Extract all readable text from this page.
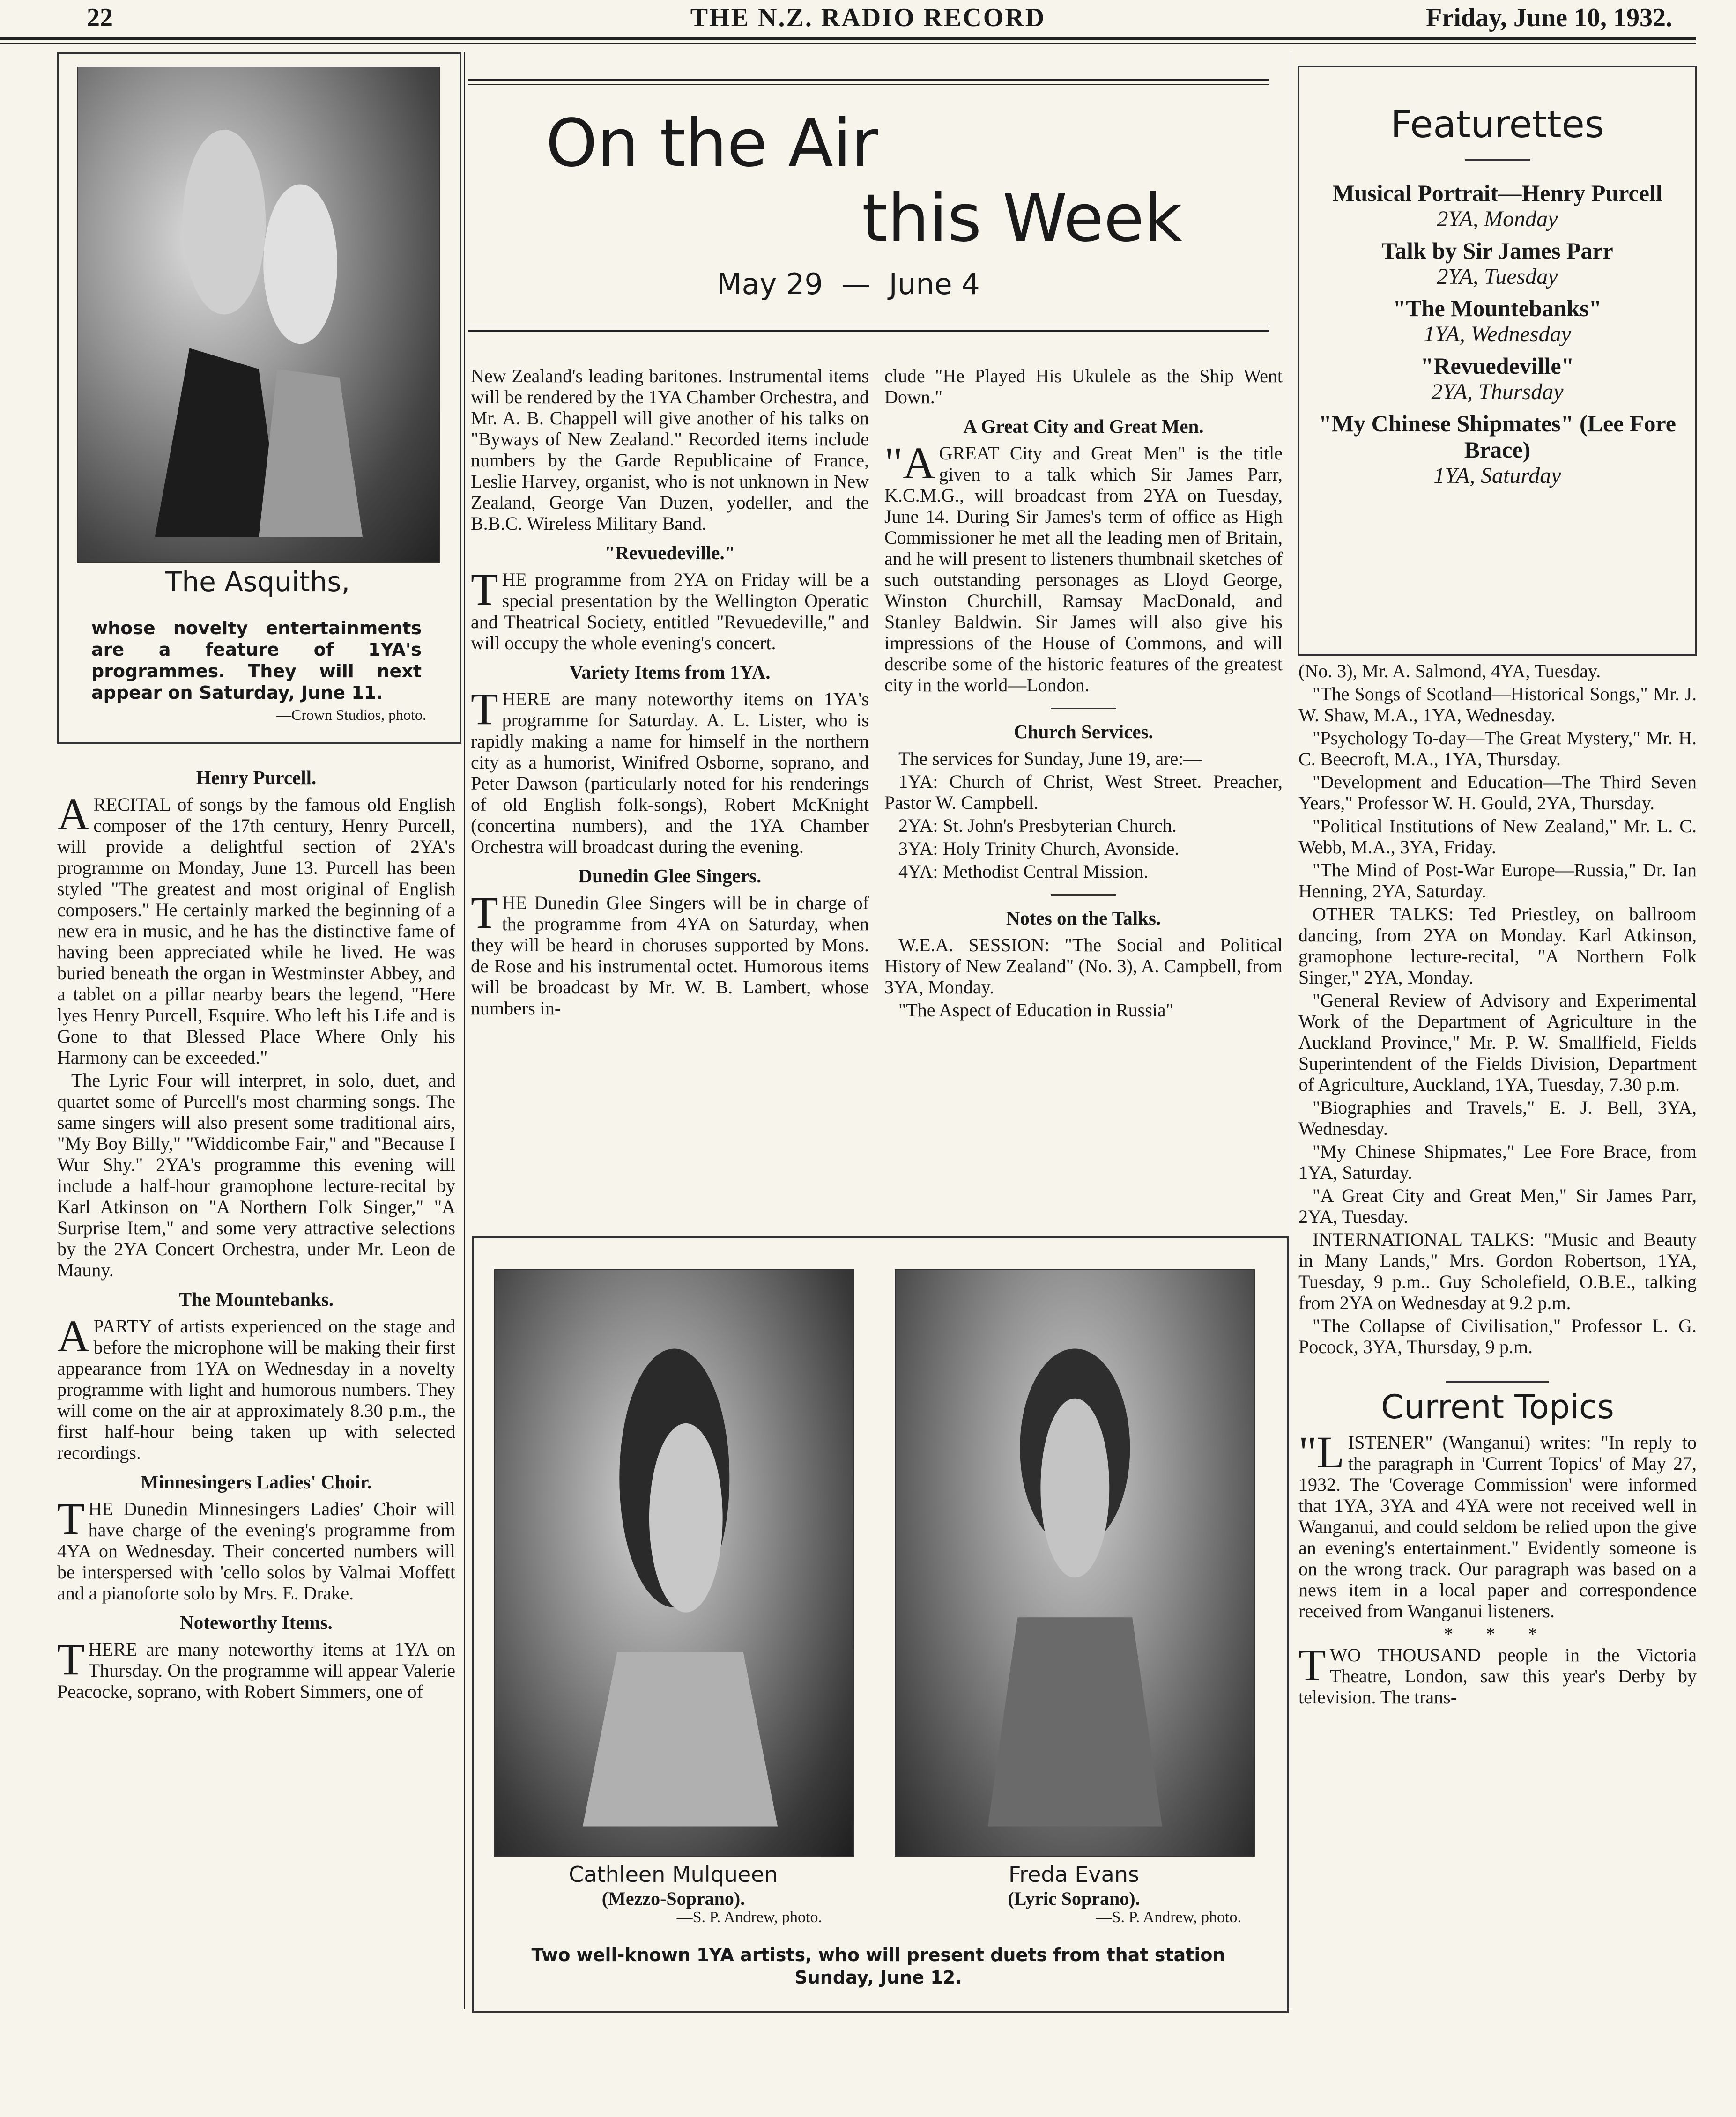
22	THE N.Z. RADIO RECORD	Friday, June 10, 1932.
The Asquiths,
whose novelty entertainments are a feature of 1YA's programmes. They will next appear on Saturday, June 11.
—Crown Studios, photo.
On the Air
this Week
May 29  —  June 4
Featurettes
Musical Portrait—Henry Purcell
2YA, Monday
Talk by Sir James Parr
2YA, Tuesday
"The Mountebanks"
1YA, Wednesday
"Revuedeville"
2YA, Thursday
"My Chinese Shipmates" (Lee Fore Brace)
1YA, Saturday
Henry Purcell.

ARECITAL of songs by the famous old English composer of the 17th century, Henry Purcell, will provide a delightful section of 2YA's programme on Monday, June 13. Purcell has been styled "The greatest and most original of English composers." He certainly marked the beginning of a new era in music, and he has the distinctive fame of having been appreciated while he lived. He was buried beneath the organ in Westminster Abbey, and a tablet on a pillar nearby bears the legend, "Here lyes Henry Purcell, Esquire. Who left his Life and is Gone to that Blessed Place Where Only his Harmony can be exceeded."

The Lyric Four will interpret, in solo, duet, and quartet some of Purcell's most charming songs. The same singers will also present some traditional airs, "My Boy Billy," "Widdicombe Fair," and "Because I Wur Shy." 2YA's programme this evening will include a half-hour gramophone lecture-recital by Karl Atkinson on "A Northern Folk Singer," "A Surprise Item," and some very attractive selections by the 2YA Concert Orchestra, under Mr. Leon de Mauny.

The Mountebanks.

APARTY of artists experienced on the stage and before the microphone will be making their first appearance from 1YA on Wednesday in a novelty programme with light and humorous numbers. They will come on the air at approximately 8.30 p.m., the first half-hour being taken up with selected recordings.

Minnesingers Ladies' Choir.

THE Dunedin Minnesingers Ladies' Choir will have charge of the evening's programme from 4YA on Wednesday. Their concerted numbers will be interspersed with 'cello solos by Valmai Moffett and a pianoforte solo by Mrs. E. Drake.

Noteworthy Items.

THERE are many noteworthy items at 1YA on Thursday. On the programme will appear Valerie Peacocke, soprano, with Robert Simmers, one of

New Zealand's leading baritones. Instrumental items will be rendered by the 1YA Chamber Orchestra, and Mr. A. B. Chappell will give another of his talks on "Byways of New Zealand." Recorded items include numbers by the Garde Republicaine of France, Leslie Harvey, organist, who is not unknown in New Zealand, George Van Duzen, yodeller, and the B.B.C. Wireless Military Band.

"Revuedeville."

THE programme from 2YA on Friday will be a special presentation by the Wellington Operatic and Theatrical Society, entitled "Revuedeville," and will occupy the whole evening's concert.

Variety Items from 1YA.

THERE are many noteworthy items on 1YA's programme for Saturday. A. L. Lister, who is rapidly making a name for himself in the northern city as a humorist, Winifred Osborne, soprano, and Peter Dawson (particularly noted for his renderings of old English folk-songs), Robert McKnight (concertina numbers), and the 1YA Chamber Orchestra will broadcast during the evening.

Dunedin Glee Singers.

THE Dunedin Glee Singers will be in charge of the programme from 4YA on Saturday, when they will be heard in choruses supported by Mons. de Rose and his instrumental octet. Humorous items will be broadcast by Mr. W. B. Lambert, whose numbers in-

clude "He Played His Ukulele as the Ship Went Down."

A Great City and Great Men.

"AGREAT City and Great Men" is the title given to a talk which Sir James Parr, K.C.M.G., will broadcast from 2YA on Tuesday, June 14. During Sir James's term of office as High Commissioner he met all the leading men of Britain, and he will present to listeners thumbnail sketches of such outstanding personages as Lloyd George, Winston Churchill, Ramsay MacDonald, and Stanley Baldwin. Sir James will also give his impressions of the House of Commons, and will describe some of the historic features of the greatest city in the world—London.

Church Services.

The services for Sunday, June 19, are:—

1YA: Church of Christ, West Street. Preacher, Pastor W. Campbell.

2YA: St. John's Presbyterian Church.

3YA: Holy Trinity Church, Avonside.

4YA: Methodist Central Mission.

Notes on the Talks.

W.E.A. SESSION: "The Social and Political History of New Zealand" (No. 3), A. Campbell, from 3YA, Monday.

"The Aspect of Education in Russia"

Cathleen Mulqueen
(Mezzo-Soprano).
—S. P. Andrew, photo.
Freda Evans
(Lyric Soprano).
—S. P. Andrew, photo.
Two well-known 1YA artists, who will present duets from that station Sunday, June 12.

(No. 3), Mr. A. Salmond, 4YA, Tuesday.

"The Songs of Scotland—Historical Songs," Mr. J. W. Shaw, M.A., 1YA, Wednesday.

"Psychology To-day—The Great Mystery," Mr. H. C. Beecroft, M.A., 1YA, Thursday.

"Development and Education—The Third Seven Years," Professor W. H. Gould, 2YA, Thursday.

"Political Institutions of New Zealand," Mr. L. C. Webb, M.A., 3YA, Friday.

"The Mind of Post-War Europe—Russia," Dr. Ian Henning, 2YA, Saturday.

OTHER TALKS: Ted Priestley, on ballroom dancing, from 2YA on Monday. Karl Atkinson, gramophone lecture-recital, "A Northern Folk Singer," 2YA, Monday.

"General Review of Advisory and Experimental Work of the Department of Agriculture in the Auckland Province," Mr. P. W. Smallfield, Fields Superintendent of the Fields Division, Department of Agriculture, Auckland, 1YA, Tuesday, 7.30 p.m.

"Biographies and Travels," E. J. Bell, 3YA, Wednesday.

"My Chinese Shipmates," Lee Fore Brace, from 1YA, Saturday.

"A Great City and Great Men," Sir James Parr, 2YA, Tuesday.

INTERNATIONAL TALKS: "Music and Beauty in Many Lands," Mrs. Gordon Robertson, 1YA, Tuesday, 9 p.m.. Guy Scholefield, O.B.E., talking from 2YA on Wednesday at 9.2 p.m.

"The Collapse of Civilisation," Professor L. G. Pocock, 3YA, Thursday, 9 p.m.

Current Topics

"LISTENER" (Wanganui) writes: "In reply to the paragraph in 'Current Topics' of May 27, 1932. The 'Coverage Commission' were informed that 1YA, 3YA and 4YA were not received well in Wanganui, and could seldom be relied upon the give an evening's entertainment." Evidently someone is on the wrong track. Our paragraph was based on a news item in a local paper and correspondence received from Wanganui listeners.

* * *

TWO THOUSAND people in the Victoria Theatre, London, saw this year's Derby by television. The trans-
